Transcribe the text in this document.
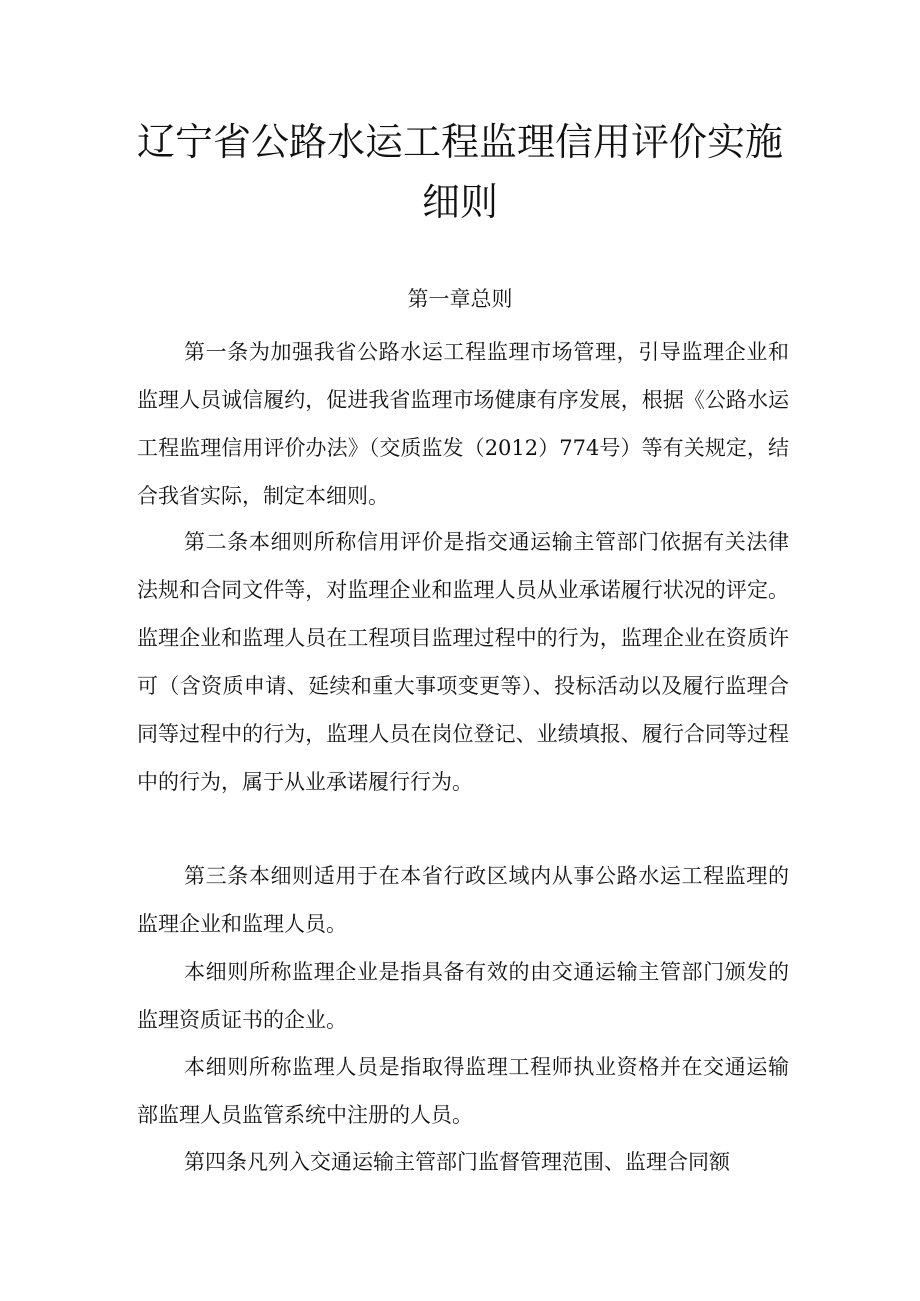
辽宁省公路水运工程监理信用评价实施细则
第一章总则

第一条为加强我省公路水运工程监理市场管理，引导监理企业和监理人员诚信履约，促进我省监理市场健康有序发展，根据《公路水运工程监理信用评价办法》（交质监发（2012）774号）等有关规定，结合我省实际，制定本细则。

第二条本细则所称信用评价是指交通运输主管部门依据有关法律法规和合同文件等，对监理企业和监理人员从业承诺履行状况的评定。监理企业和监理人员在工程项目监理过程中的行为，监理企业在资质许可（含资质申请、延续和重大事项变更等）、投标活动以及履行监理合同等过程中的行为，监理人员在岗位登记、业绩填报、履行合同等过程中的行为，属于从业承诺履行行为。

第三条本细则适用于在本省行政区域内从事公路水运工程监理的监理企业和监理人员。

本细则所称监理企业是指具备有效的由交通运输主管部门颁发的监理资质证书的企业。

本细则所称监理人员是指取得监理工程师执业资格并在交通运输部监理人员监管系统中注册的人员。

第四条凡列入交通运输主管部门监督管理范围、监理合同额
